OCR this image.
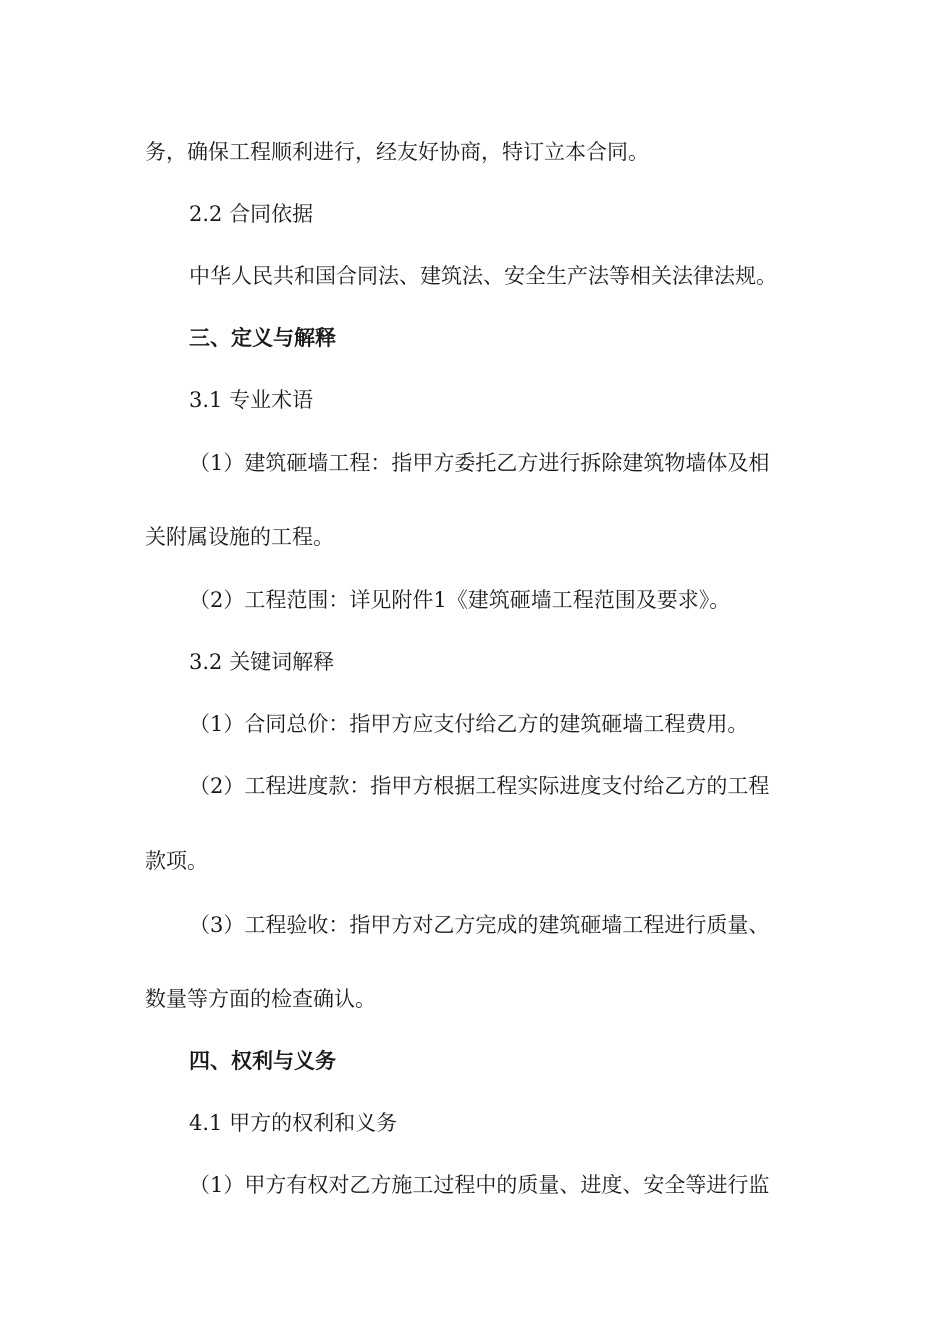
务，确保工程顺利进行，经友好协商，特订立本合同。
2.2 合同依据
中华人民共和国合同法、建筑法、安全生产法等相关法律法规。
三、定义与解释
3.1 专业术语
（1）建筑砸墙工程：指甲方委托乙方进行拆除建筑物墙体及相
关附属设施的工程。
（2）工程范围：详见附件1《建筑砸墙工程范围及要求》。
3.2 关键词解释
（1）合同总价：指甲方应支付给乙方的建筑砸墙工程费用。
（2）工程进度款：指甲方根据工程实际进度支付给乙方的工程
款项。
（3）工程验收：指甲方对乙方完成的建筑砸墙工程进行质量、
数量等方面的检查确认。
四、权利与义务
4.1 甲方的权利和义务
（1）甲方有权对乙方施工过程中的质量、进度、安全等进行监
